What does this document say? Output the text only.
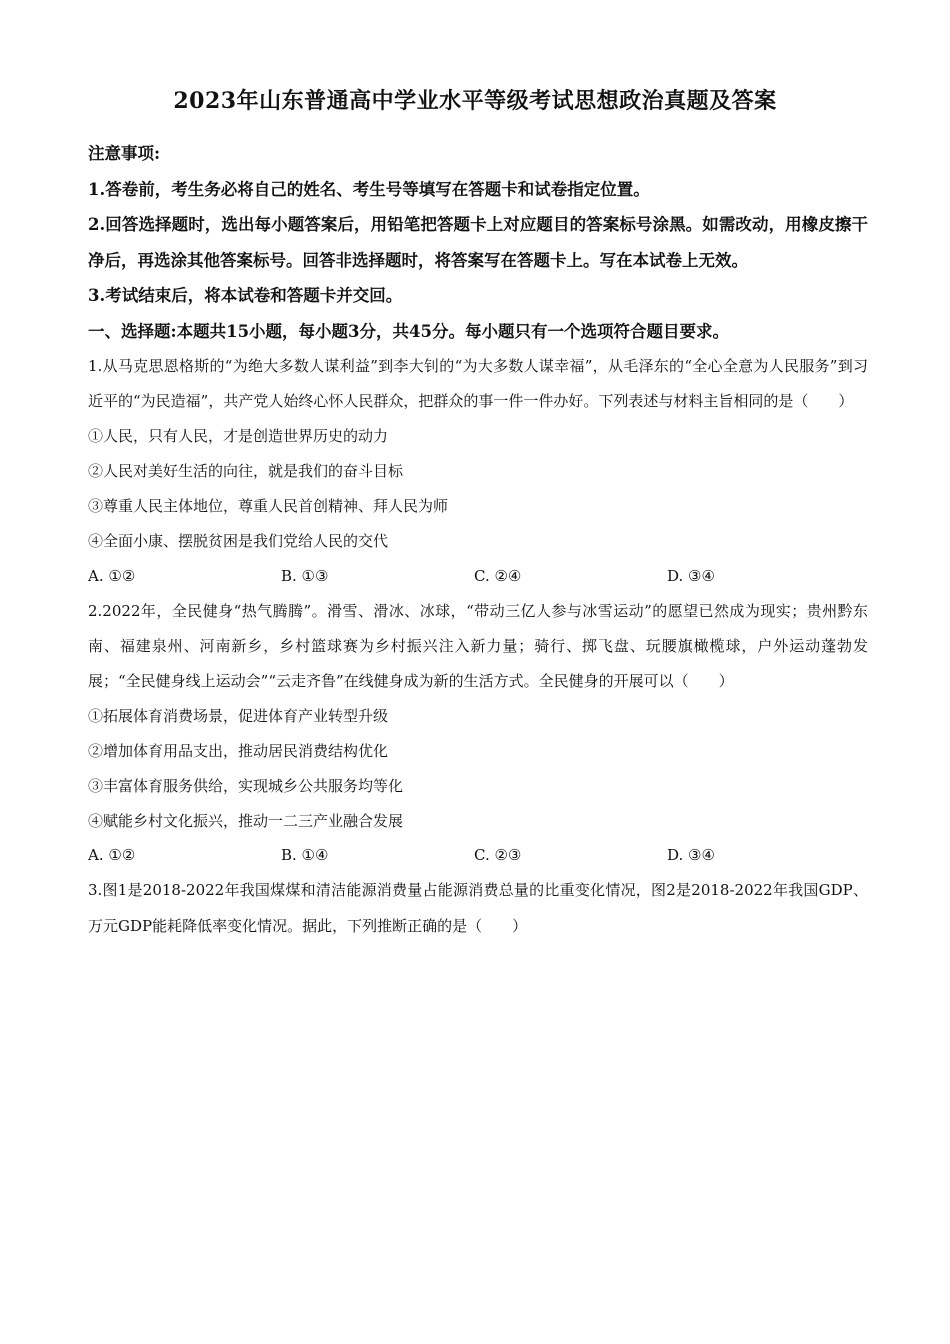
2023年山东普通高中学业水平等级考试思想政治真题及答案

注意事项:

1.答卷前，考生务必将自己的姓名、考生号等填写在答题卡和试卷指定位置。

2.回答选择题时，选出每小题答案后，用铅笔把答题卡上对应题目的答案标号涂黑。如需改动，用橡皮擦干净后，再选涂其他答案标号。回答非选择题时，将答案写在答题卡上。写在本试卷上无效。

3.考试结束后，将本试卷和答题卡并交回。

一、选择题:本题共15小题，每小题3分，共45分。每小题只有一个选项符合题目要求。

1.从马克思恩格斯的“为绝大多数人谋利益”到李大钊的“为大多数人谋幸福”，从毛泽东的“全心全意为人民服务”到习近平的“为民造福”，共产党人始终心怀人民群众，把群众的事一件一件办好。下列表述与材料主旨相同的是（　　）

①人民，只有人民，才是创造世界历史的动力

②人民对美好生活的向往，就是我们的奋斗目标

③尊重人民主体地位，尊重人民首创精神、拜人民为师

④全面小康、摆脱贫困是我们党给人民的交代

A. ①②	B. ①③	C. ②④	D. ③④

2.2022年，全民健身“热气腾腾”。滑雪、滑冰、冰球，“带动三亿人参与冰雪运动”的愿望已然成为现实；贵州黔东南、福建泉州、河南新乡，乡村篮球赛为乡村振兴注入新力量；骑行、掷飞盘、玩腰旗橄榄球，户外运动蓬勃发展；“全民健身线上运动会”“云走齐鲁”在线健身成为新的生活方式。全民健身的开展可以（　　）

①拓展体育消费场景，促进体育产业转型升级

②增加体育用品支出，推动居民消费结构优化

③丰富体育服务供给，实现城乡公共服务均等化

④赋能乡村文化振兴，推动一二三产业融合发展

A. ①②	B. ①④	C. ②③	D. ③④

3.图1是2018-2022年我国煤煤和清洁能源消费量占能源消费总量的比重变化情况，图2是2018-2022年我国GDP、万元GDP能耗降低率变化情况。据此，下列推断正确的是（　　）
